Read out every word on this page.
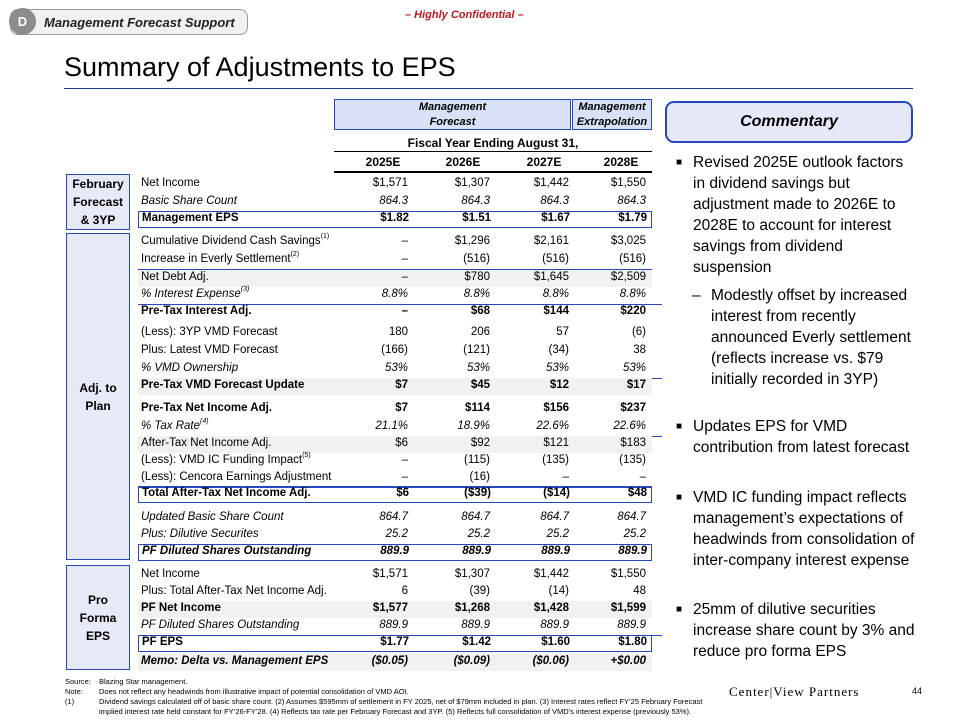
D	Management Forecast Support	– Highly Confidential –
Summary of Adjustments to EPS
Management
Forecast
Management
Extrapolation
Fiscal Year Ending August 31,
2025E	2026E	2027E	2028E
February
Forecast
& 3YP
Adj. to
Plan
Pro
Forma
EPS
Net Income	$1,571	$1,307	$1,442	$1,550
Basic Share Count	864.3	864.3	864.3	864.3
Management EPS	$1.82	$1.51	$1.67	$1.79
Cumulative Dividend Cash Savings$^{(1)}$	–	$1,296	$2,161	$3,025
Increase in Everly Settlement$^{(2)}$	–	(516)	(516)	(516)
Net Debt Adj.	–	$780	$1,645	$2,509
% Interest Expense$^{(3)}$	8.8%	8.8%	8.8%	8.8%
Pre-Tax Interest Adj.	–	$68	$144	$220
(Less): 3YP VMD Forecast	180	206	57	(6)
Plus: Latest VMD Forecast	(166)	(121)	(34)	38
% VMD Ownership	53%	53%	53%	53%
Pre-Tax VMD Forecast Update	$7	$45	$12	$17
Pre-Tax Net Income Adj.	$7	$114	$156	$237
% Tax Rate$^{(4)}$	21.1%	18.9%	22.6%	22.6%
After-Tax Net Income Adj.	$6	$92	$121	$183
(Less): VMD IC Funding Impact$^{(5)}$	–	(115)	(135)	(135)
(Less): Cencora Earnings Adjustment	–	(16)	–	–
Total After-Tax Net Income Adj.	$6	($39)	($14)	$48
Updated Basic Share Count	864.7	864.7	864.7	864.7
Plus: Dilutive Securites	25.2	25.2	25.2	25.2
PF Diluted Shares Outstanding	889.9	889.9	889.9	889.9
Net Income	$1,571	$1,307	$1,442	$1,550
Plus: Total After-Tax Net Income Adj.	6	(39)	(14)	48
PF Net Income	$1,577	$1,268	$1,428	$1,599
PF Diluted Shares Outstanding	889.9	889.9	889.9	889.9
PF EPS	$1.77	$1.42	$1.60	$1.80
Memo: Delta vs. Management EPS	($0.05)	($0.09)	($0.06)	+$0.00
Commentary
■ Revised 2025E outlook factors in dividend savings but adjustment made to 2026E to 2028E to account for interest savings from dividend suspension
– Modestly offset by increased interest from recently announced Everly settlement (reflects increase vs. $79 initially recorded in 3YP)
■ Updates EPS for VMD contribution from latest forecast
■ VMD IC funding impact reflects management’s expectations of headwinds from consolidation of inter-company interest expense
■ 25mm of dilutive securities increase share count by 3% and reduce pro forma EPS
Source: Blazing Star management.
Note: Does not reflect any headwinds from illustrative impact of potential consolidation of VMD AOI.
(1)	Dividend savings calculated off of basic share count. (2) Assumes $595mm of settlement in FY 2025, net of $79mm included in plan. (3) Interest rates reflect FY’25 February Forecast
implied interest rate held constant for FY’26-FY’28. (4) Reflects tax rate per February Forecast and 3YP. (5) Reflects full consolidation of VMD’s interest expense (previously 53%).
Center|View Partners	44
